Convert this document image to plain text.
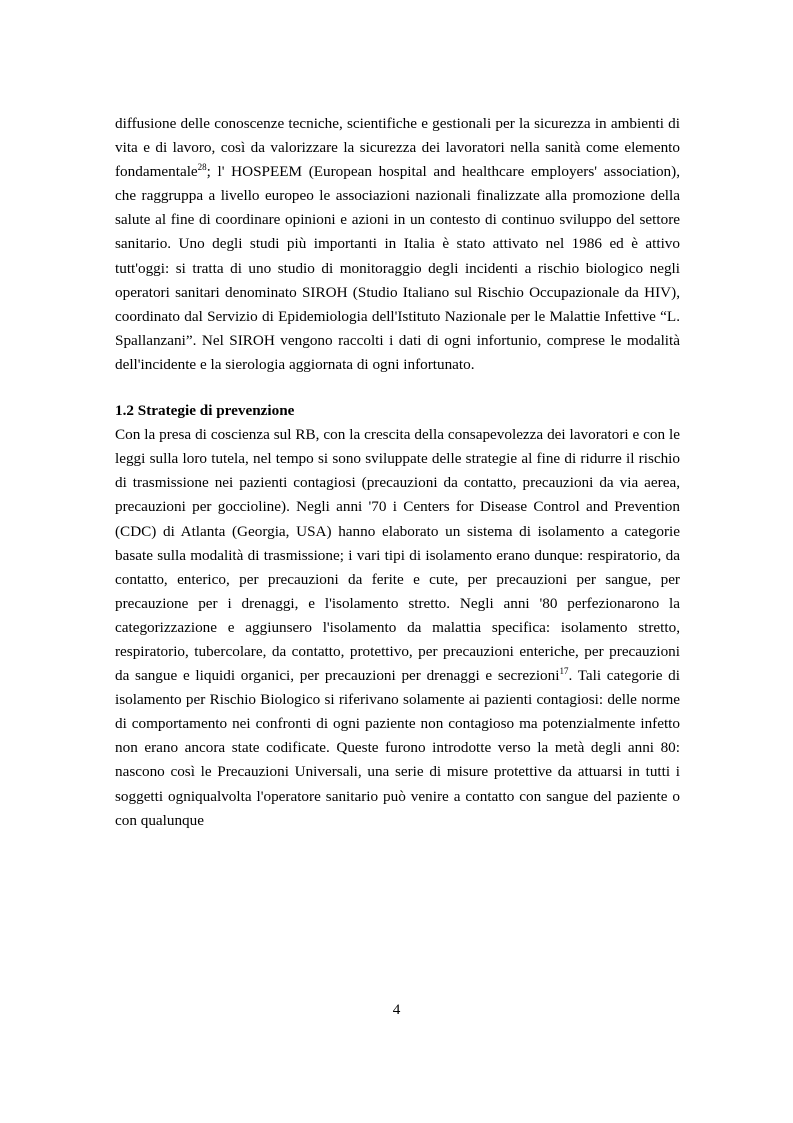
diffusione delle conoscenze tecniche, scientifiche e gestionali per la sicurezza in ambienti di vita e di lavoro, così da valorizzare la sicurezza dei lavoratori nella sanità come elemento fondamentale$^{28}$; l' HOSPEEM (European hospital and healthcare employers' association), che raggruppa a livello europeo le associazioni nazionali finalizzate alla promozione della salute al fine di coordinare opinioni e azioni in un contesto di continuo sviluppo del settore sanitario. Uno degli studi più importanti in Italia è stato attivato nel 1986 ed è attivo tutt'oggi: si tratta di uno studio di monitoraggio degli incidenti a rischio biologico negli operatori sanitari denominato SIROH (Studio Italiano sul Rischio Occupazionale da HIV), coordinato dal Servizio di Epidemiologia dell'Istituto Nazionale per le Malattie Infettive “L. Spallanzani”. Nel SIROH vengono raccolti i dati di ogni infortunio, comprese le modalità dell'incidente e la sierologia aggiornata di ogni infortunato.

1.2 Strategie di prevenzione

Con la presa di coscienza sul RB, con la crescita della consapevolezza dei lavoratori e con le leggi sulla loro tutela, nel tempo si sono sviluppate delle strategie al fine di ridurre il rischio di trasmissione nei pazienti contagiosi (precauzioni da contatto, precauzioni da via aerea, precauzioni per goccioline). Negli anni '70 i Centers for Disease Control and Prevention (CDC) di Atlanta (Georgia, USA) hanno elaborato un sistema di isolamento a categorie basate sulla modalità di trasmissione; i vari tipi di isolamento erano dunque: respiratorio, da contatto, enterico, per precauzioni da ferite e cute, per precauzioni per sangue, per precauzione per i drenaggi, e l'isolamento stretto. Negli anni '80 perfezionarono la categorizzazione e aggiunsero l'isolamento da malattia specifica: isolamento stretto, respiratorio, tubercolare, da contatto, protettivo, per precauzioni enteriche, per precauzioni da sangue e liquidi organici, per precauzioni per drenaggi e secrezioni$^{17}$. Tali categorie di isolamento per Rischio Biologico si riferivano solamente ai pazienti contagiosi: delle norme di comportamento nei confronti di ogni paziente non contagioso ma potenzialmente infetto non erano ancora state codificate. Queste furono introdotte verso la metà degli anni 80: nascono così le Precauzioni Universali, una serie di misure protettive da attuarsi in tutti i soggetti ogniqualvolta l'operatore sanitario può venire a contatto con sangue del paziente o con qualunque

4
